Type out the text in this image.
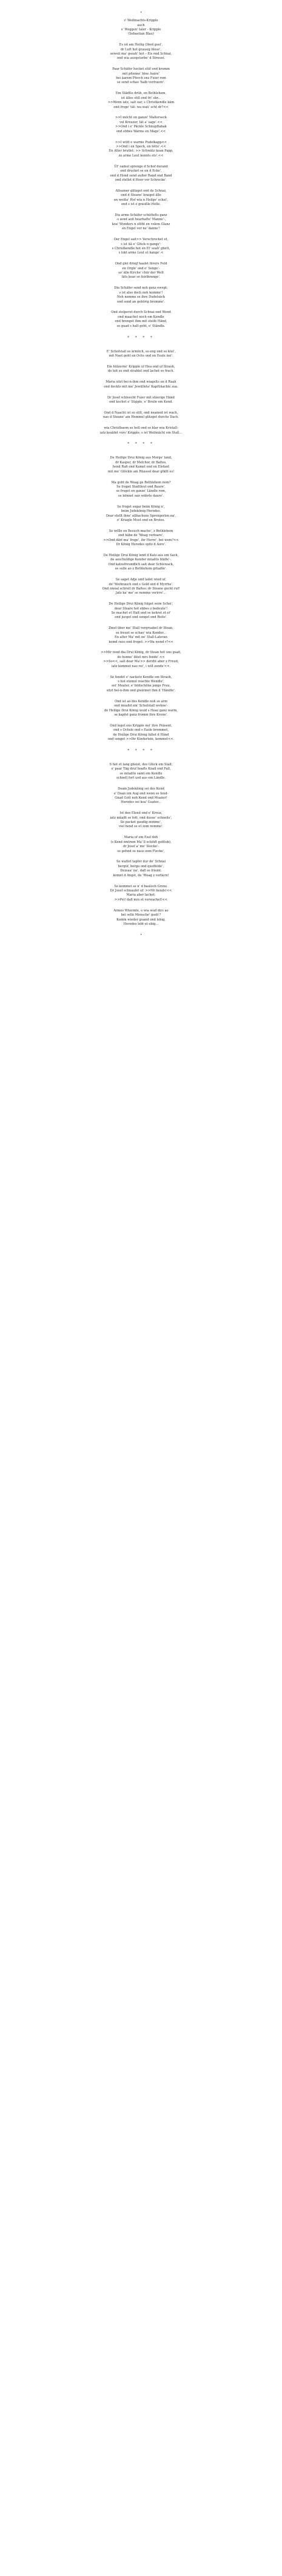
•
s' Weihnachts-Kripple
auch
s' Weggen' taler - Kripple
(Sebastian Blau)
Es ist am Heilig Obed gsei',
dr Luft hot grausig blose',
seweit ma' gseah' hot – Eis ond Schnai,
ond wia ausgstorbe' d Strossé.
Paar Schäfer hocket stiif ond kromm
mit pfienne' bloe Asäre'
bei äarem Pferch ons Fuier rom
se send schao 'halb verfraore'.
Em Städtle drüb, en Bethlehem,
ist älles still ond fri' sbr...
>>Wenn iatz, sait oar, s Christkendle käm
ond froge' tät: wa waü' scht dr?<<
>>I möcht en ganze' Malterseck
vol Kreuzer, tät a' sage'.<<
>>Ond i e' Päckle Schnupftabak
ond ebbes Warms en Mage'.<<
>>I wött e warme Pudelkapp<<
>>Ond i en Speck, en fette'.<<
En Alter brutlet: >> Schwätz koan Papp,
zo arme Leut konnts ets'.<<
Üf' oamol sprenge d Schof durand
ond drucket se en d Ecke',
ond d Hond send außer Rand ond Band
ond stellet d Hoor vor Schrecke'.
Allsamer glitzget ond de Schnai,
ond d Steane' kraiget älle
en weißa' Hof wia n Heilge' schei',
ond s ist e graußle Helle.
Dia arme Schäfer schüttelts ganz
-s send aoit hearhafte' Manne'-,
koa' Wonders n stöht en volem Glanz
en Engel vor ne' danne'!
Der Engel sait>> Verschrecket et,
s ist üã e' Glück n gange':
s Christkendle hot en El' seah' ghett,
s lokt arme Leut et hange'.<
Ond glei drnqf haalet lüvers Feld
en Orgle' ond e' Senge'-
so' älle Kirche' chör der Welt
täts koar so feirlbrenge'.
Dia Schäfer send noh ganz ewegt;
s ist also doch noh komme'!
Noh nemme se ihre Dudelsäck
ond send an gehörig bromme'.
Ond stolperet durch Schnai ond Wend
ond maachet noch em Kendle
ond brenget ihm mit steife Händ,
so guad s halt goht, e' Stãndle.
* * * *
E' Schofstall so ärmlich, so eng ond so klei',
mit Naot goht en Ochs ond en Eesle nei'.
Em hülzerne' Kripple uf Hea ond uf Straoh,
do leit es ond strahlet ond lachet so frach.
Maria sitzt bei-n-ihm ond wiagelts en d Raah
ond deckts mit me' Jewülleta' Kapfüüachle zua.
Dr Josef schleecht Fuier mit stäerige Händ
ond kochet e' Süpple, e' Breile em Kend.
Ond d Naacht ist so still, ond neamed ist wach,
nao d Steane' am Hemmel glitzget durchs Dach.
wia Christbaom so hell ond so klar wia Kristall-
iatz kealdet vors' Kripple; s ist Weihnächt em Stall...
* * * *
De Heilige Drui König aus Morge' land,
dr Kasper, dr Melchor, dr Baltes,
hend Rafi ond Kamel ond en Elefant
mit me' Glöckle am Rüassel dear gfällt es!
Ma goht de Weag ge Bethlehem nom?
Se froget Stadtleut ond Baure',
se froget en ganze' Ländle rom,
se könnet oan währle daure'.
Se froget sogar beim König n',
beim Judekönig Herodes.
Dear stellt ihne' allbachens Sprengerlen na',
e' Kriagle Must ond en Brotes.
Se wölle en Besuch mache', z Bethlehem
ond häbe de 'Weag verloare',
>>Ond därf ma' froge', ihr Herre', bei wem?<<
Dr König Herodes spitz d Aore'.
De Heilige Drui König lend d Katz aus em Sack,
de aoschuldige Kender müaßts bläfle'-.
Ond katzefreundlich sait dear Schlewack,
se solle ao z Bethlehem grüaßle'.
Se saget Adje ond ladet wied uf,
de' Weihrauch ond s Gold ond d Myrrhe'.
Ond zmoal schreit dr Baltes: dr Steane guckt ruf!
Jatz ka' me' se nemme verirre'...
De Heilige Drui König folget seim Schei',
dear Steare hot ebbes z bedeute'!
Se machet et Halt ond se kehret et ei'
ond jucget ond senget ond Reite'.
Zmol über me' Stall vergruabet dr Stean,
se freuet se schao' wia Kender...
En alter Ma' mit ne' Stall-Lateran
komd raus ond froget: >>Wa wend r?<<
>>Mir rend dia Drui König, dr Stean hot uns gsait,
do honne' fätet mrs fende'.<<
>>So<<, sait dear Ma'>> derzht aber z Freud,
iatz kommet nao rei', i will zende'<<.
Se fendet e' nacketz Kendle em Straoh,
s hot etzmol reachte Wendle',
sei' Muater, e' bildschöne jonge Frau,
sitzt bei-n-ihm ond gwärmet ihm d 'Händle'.
Ond ist ao des Kendle noh so arm
ond muaßd em' Schofstall wohne'-
de Heilige Drui König wuid s Heaz ganz warm,
se kapfet ganz fromm ihre Krone'.
Ond leget ens Kripple nei' ihre Präsent,
ond s Ochsle ond s Easle brommet,
de Heilige Drui König faltet d Händ
ond senget >>Ihr Kinderlein, kommet<<.
* * * *
S hot et lang gheist, des Glück em Stall;
e' paar Täg druf hoafts Knall ond Fall,
se müaßte samt em Kendle
schnell fort usd aus em Ländle.
Deam Judekönig sei des Kend
e' Doan em Aug ond wenn es fend-
Gnad Gott noh Kend ond Muater!
Herodes sei koa' Guater...
Ist den Elend ond e' Kreuz,
iatz müaßt se fott, ond dusse' schneits',
Se packet gaudig zemme',
viel hend se et zom nemme'.
Maria uf em Esel doh
(s Kend omtrem Ma' ll schlöft gottlob),
dr Josef a' me' Stecke'-
so gehnd se naus zom Flecke',
Se wattet tapfer dur de' Schnai
bergüf, bergu ond queffelde',
Dezsaa' na', dafl se friemt.
komnt d Angst, de 'Weag z verliere!
So kommet se n' d bauloch Grenz.
Dr Josef schnaufet uf: >>Mr hends!<<
Maria aber lachet:
>>Pst! dafl mrs et verwachet!<<
Armes Wüermle, o wia wud dirs ao
bei selle Mensche' gseh'?
Komm wieder guand ond lebig,
Herodes lebt et ebig...
•
